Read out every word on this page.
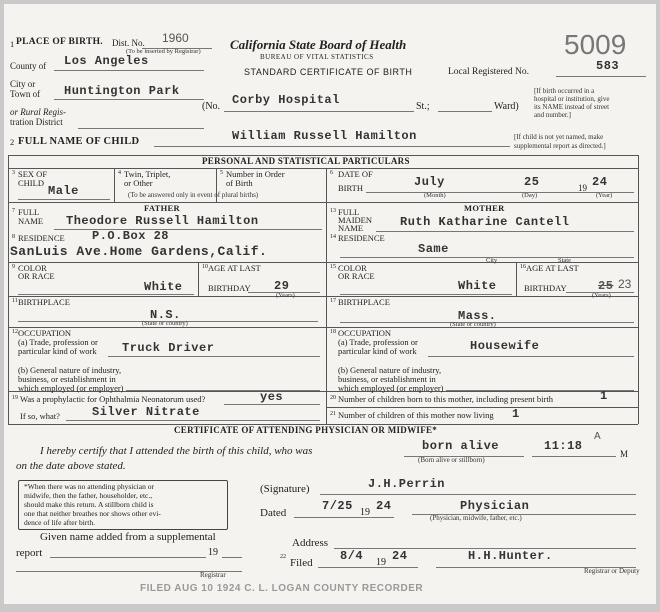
1 PLACE OF BIRTH. Dist. No. 1960
(To be inserted by Registrar)
County of Los Angeles
City or
Town of Huntington Park
or Rural Regis-
tration District
California State Board of Health
BUREAU OF VITAL STATISTICS
STANDARD CERTIFICATE OF BIRTH
5009
Local Registered No.	583
(No. Corby Hospital	St.;	Ward)
[If birth occurred in a
hospital or institution, give
its NAME instead of street
and number.]
2 FULL NAME OF CHILD	William Russell Hamilton	[If child is not yet named, make
supplemental report as directed.]
PERSONAL AND STATISTICAL PARTICULARS
3 SEX OF
CHILD
Male
4 Twin, Triplet,
or Other
5 Number in Order
of Birth
(To be answered only in event of plural births)
6 DATE OF
BIRTH	July	25	19 24
(Month)	(Day)	(Year)
FATHER	MOTHER
7 FULL
NAME Theodore Russell Hamilton
13 FULL
MAIDEN
NAME	Ruth Katharine Cantell
8 RESIDENCE P.O.Box 28
SanLuis Ave.Home Gardens,Calif.
14 RESIDENCE
Same
City	State
9 COLOR
OR RACE
White
10 AGE AT LAST
BIRTHDAY 29
(Years)
15 COLOR
OR RACE
White
16 AGE AT LAST
BIRTHDAY	25 23
(Years)
11 BIRTHPLACE
N.S.
(State or country)
17 BIRTHPLACE
Mass.
(State or country)
12 OCCUPATION
(a) Trade, profession or
particular kind of work Truck Driver
(b) General nature of industry,
business, or establishment in
which employed (or employer)
18 OCCUPATION
(a) Trade, profession or
particular kind of work	Housewife
(b) General nature of industry,
business, or establishment in
which employed (or employer)
19 Was a prophylactic for Ophthalmia Neonatorum used?	yes
If so, what?	Silver Nitrate
20 Number of children born to this mother, including present birth	1
21 Number of children of this mother now living 1
CERTIFICATE OF ATTENDING PHYSICIAN OR MIDWIFE*
I hereby certify that I attended the birth of this child, who was	born alive
(Born alive or stillborn)
11:18
A
M
on the date above stated.
*When there was no attending physician or
midwife, then the father, householder, etc.,
should make this return. A stillborn child is
one that neither breathes nor shows other evi-
dence of life after birth.
(Signature)	J.H.Perrin
Dated	7/25 19 24	Physician
(Physician, midwife, father, etc.)
Given name added from a supplemental
report	19
Registrar
Address
22 Filed 8/4 19 24	H.H.Hunter.
Registrar or Deputy
FILED AUG 10 1924 C. L. LOGAN COUNTY RECORDER
